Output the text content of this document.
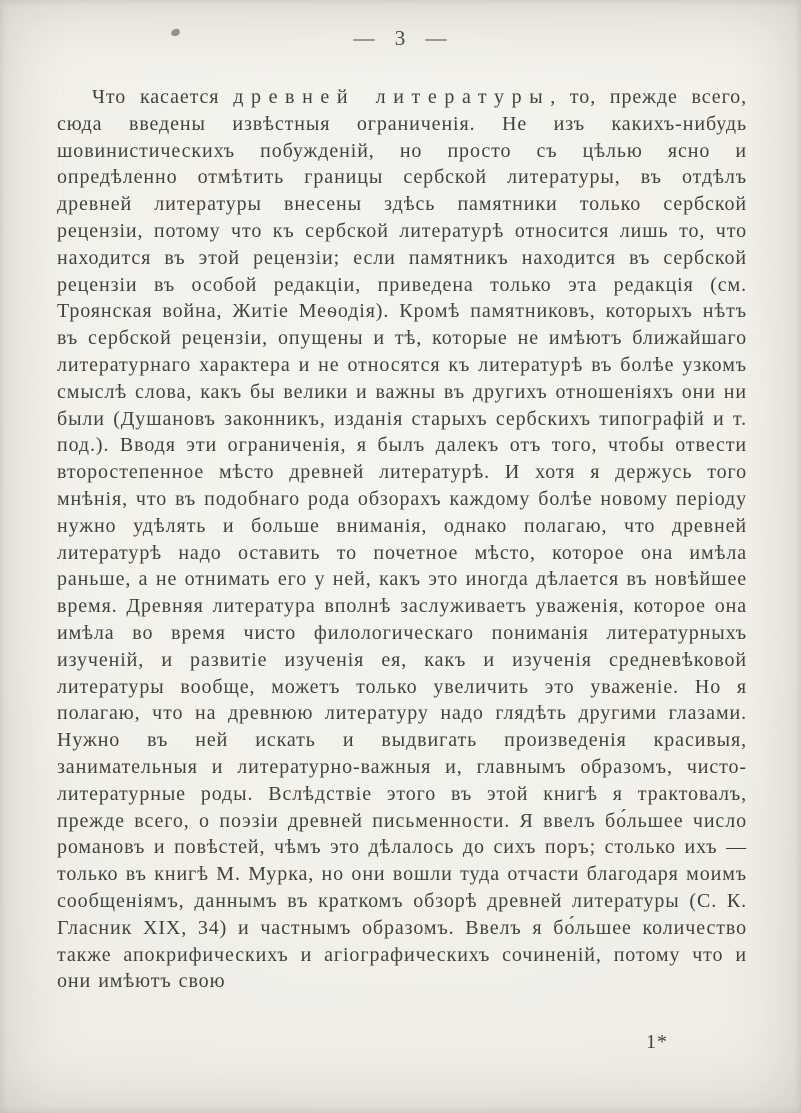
— 3 —

Что касается древней литературы, то, прежде всего, сюда введены извѣстныя ограниченія. Не изъ какихъ-нибудь шовинистическихъ побужденій, но просто съ цѣлью ясно и опредѣленно отмѣтить границы сербской литературы, въ отдѣлъ древней литературы внесены здѣсь памятники только сербской рецензіи, потому что къ сербской литературѣ относится лишь то, что находится въ этой рецензіи; если памятникъ находится въ сербской рецензіи въ особой редакціи, приведена только эта редакція (см. Троянская война, Житіе Меѳодія). Кромѣ памятниковъ, которыхъ нѣтъ въ сербской рецензіи, опущены и тѣ, которые не имѣютъ ближайшаго литературнаго характера и не относятся къ литературѣ въ болѣе узкомъ смыслѣ слова, какъ бы велики и важны въ другихъ отношеніяхъ они ни были (Душановъ законникъ, изданія старыхъ сербскихъ типографій и т. под.). Вводя эти ограниченія, я былъ далекъ отъ того, чтобы отвести второстепенное мѣсто древней литературѣ. И хотя я держусь того мнѣнія, что въ подобнаго рода обзорахъ каждому болѣе новому періоду нужно удѣлять и больше вниманія, однако полагаю, что древней литературѣ надо оставить то почетное мѣсто, которое она имѣла раньше, а не отнимать его у ней, какъ это иногда дѣлается въ новѣйшее время. Древняя литература вполнѣ заслуживаетъ уваженія, которое она имѣла во время чисто филологическаго пониманія литературныхъ изученій, и развитіе изученія ея, какъ и изученія средневѣковой литературы вообще, можетъ только увеличить это уваженіе. Но я полагаю, что на древнюю литературу надо глядѣть другими глазами. Нужно въ ней искать и выдвигать произведенія красивыя, занимательныя и литературно-важныя и, главнымъ образомъ, чисто-литературные роды. Вслѣдствіе этого въ этой книгѣ я трактовалъ, прежде всего, о поэзіи древней письменности. Я ввелъ бо́льшее число романовъ и повѣстей, чѣмъ это дѣлалось до сихъ поръ; столько ихъ — только въ книгѣ М. Мурка, но они вошли туда отчасти благодаря моимъ сообщеніямъ, даннымъ въ краткомъ обзорѣ древней литературы (С. К. Гласник XIX, 34) и частнымъ образомъ. Ввелъ я бо́льшее количество также апокрифическихъ и агіографическихъ сочиненій, потому что и они имѣютъ свою

1*
